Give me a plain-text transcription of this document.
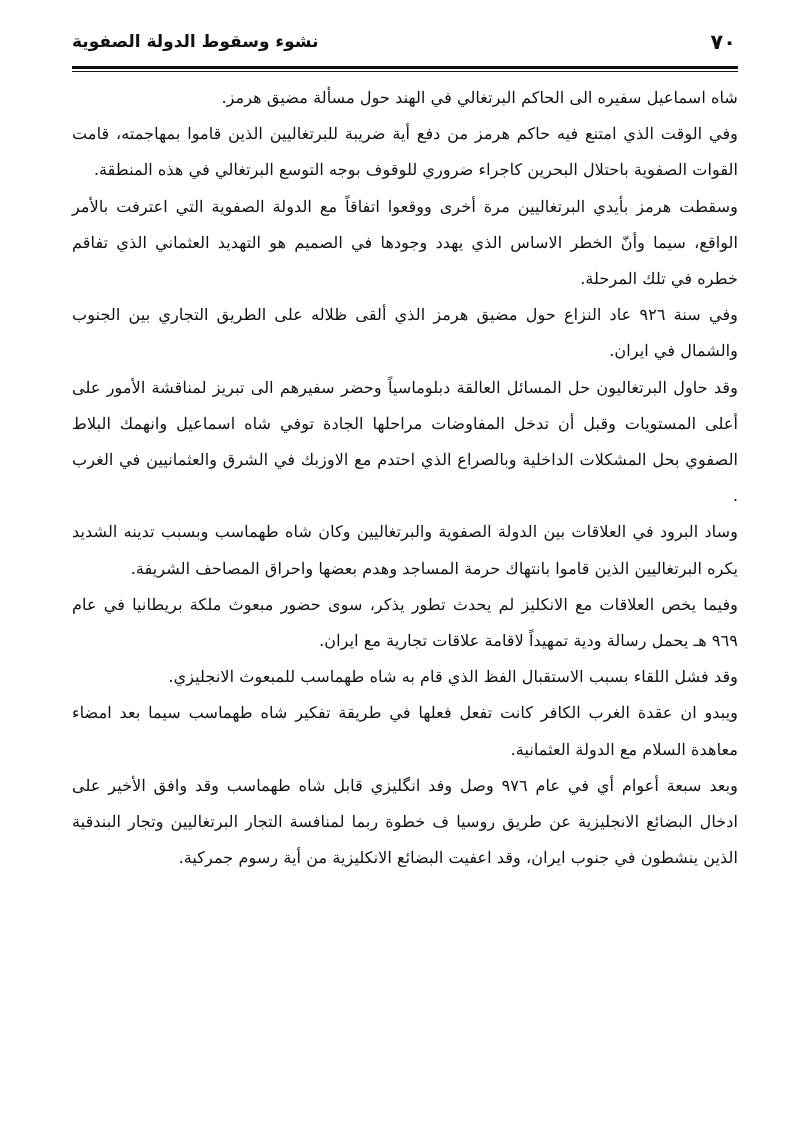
٧٠
نشوء وسقوط الدولة الصفوية

شاه اسماعيل سفيره الى الحاكم البرتغالي في الهند حول مسألة مضيق هرمز.

وفي الوقت الذي امتنع فيه حاكم هرمز من دفع أية ضريبة للبرتغاليين الذين قاموا بمهاجمته، قامت القوات الصفوية باحتلال البحرين كاجراء ضروري للوقوف بوجه التوسع البرتغالي في هذه المنطقة.

وسقطت هرمز بأيدي البرتغاليين مرة أخرى ووقعوا اتفاقاً مع الدولة الصفوية التي اعترفت بالأمر الواقع، سيما وأنّ الخطر الاساس الذي يهدد وجودها في الصميم هو التهديد العثماني الذي تفاقم خطره في تلك المرحلة.

وفي سنة ٩٢٦ عاد النزاع حول مضيق هرمز الذي ألقى ظلاله على الطريق التجاري بين الجنوب والشمال في ايران.

وقد حاول البرتغاليون حل المسائل العالقة دبلوماسياً وحضر سفيرهم الى تبريز لمناقشة الأمور على أعلى المستويات وقبل أن تدخل المفاوضات مراحلها الجادة توفي شاه اسماعيل وانهمك البلاط الصفوي بحل المشكلات الداخلية وبالصراع الذي احتدم مع الاوزبك في الشرق والعثمانيين في الغرب .

وساد البرود في العلاقات بين الدولة الصفوية والبرتغاليين وكان شاه طهماسب وبسبب تدينه الشديد يكره البرتغاليين الذين قاموا بانتهاك حرمة المساجد وهدم بعضها واحراق المصاحف الشريفة.

وفيما يخص العلاقات مع الانكليز لم يحدث تطور يذكر، سوى حضور مبعوث ملكة بريطانيا في عام ٩٦٩ هـ يحمل رسالة ودية تمهيداً لاقامة علاقات تجارية مع ايران.

وقد فشل اللقاء بسبب الاستقبال الفظ الذي قام به شاه طهماسب للمبعوث الانجليزي.

ويبدو ان عقدة الغرب الكافر كانت تفعل فعلها في طريقة تفكير شاه طهماسب سيما بعد امضاء معاهدة السلام مع الدولة العثمانية.

وبعد سبعة أعوام أي في عام ٩٧٦ وصل وفد انگليزي قابل شاه طهماسب وقد وافق الأخير على ادخال البضائع الانجليزية عن طريق روسيا ف خطوة ربما لمنافسة التجار البرتغاليين وتجار البندقية الذين ينشطون في جنوب ايران، وقد اعفيت البضائع الانكليزية من أية رسوم جمركية.
